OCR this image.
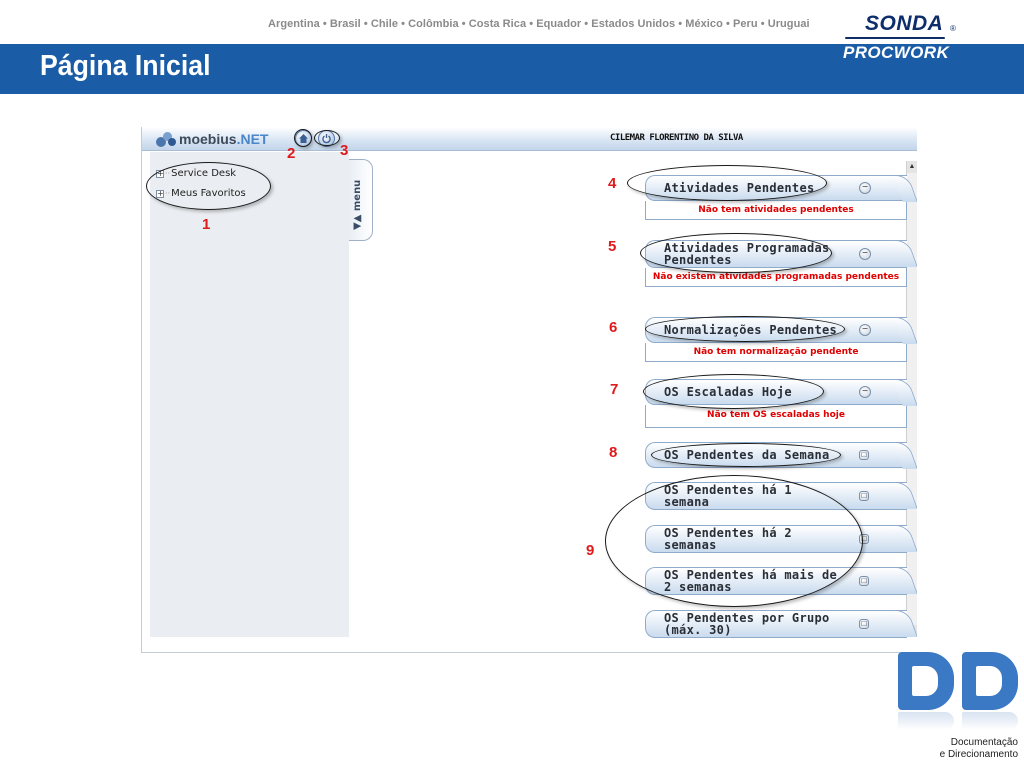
Argentina • Brasil • Chile • Colômbia • Costa Rica • Equador • Estados Unidos • México • Peru • Uruguai	SONDA ®
Página Inicial	PROCWORK
moebius.NET	CILEMAR FLORENTINO DA SILVA
+ ·· Service Desk
+ ·· Meus Favoritos	▼▲ menu
▲
Atividades Pendentes	−
Não tem atividades pendentes
Atividades Programadas Pendentes	−
Não existem atividades programadas pendentes
Normalizações Pendentes	−
Não tem normalização pendente
OS Escaladas Hoje	−
Não tem OS escaladas hoje
OS Pendentes da Semana	□
OS Pendentes há 1 semana	□
OS Pendentes há 2 semanas	□
OS Pendentes há mais de 2 semanas	□
OS Pendentes por Grupo (máx. 30)	□
1
2	3
4
5
6
7
8
9
Documentação
e Direcionamento
